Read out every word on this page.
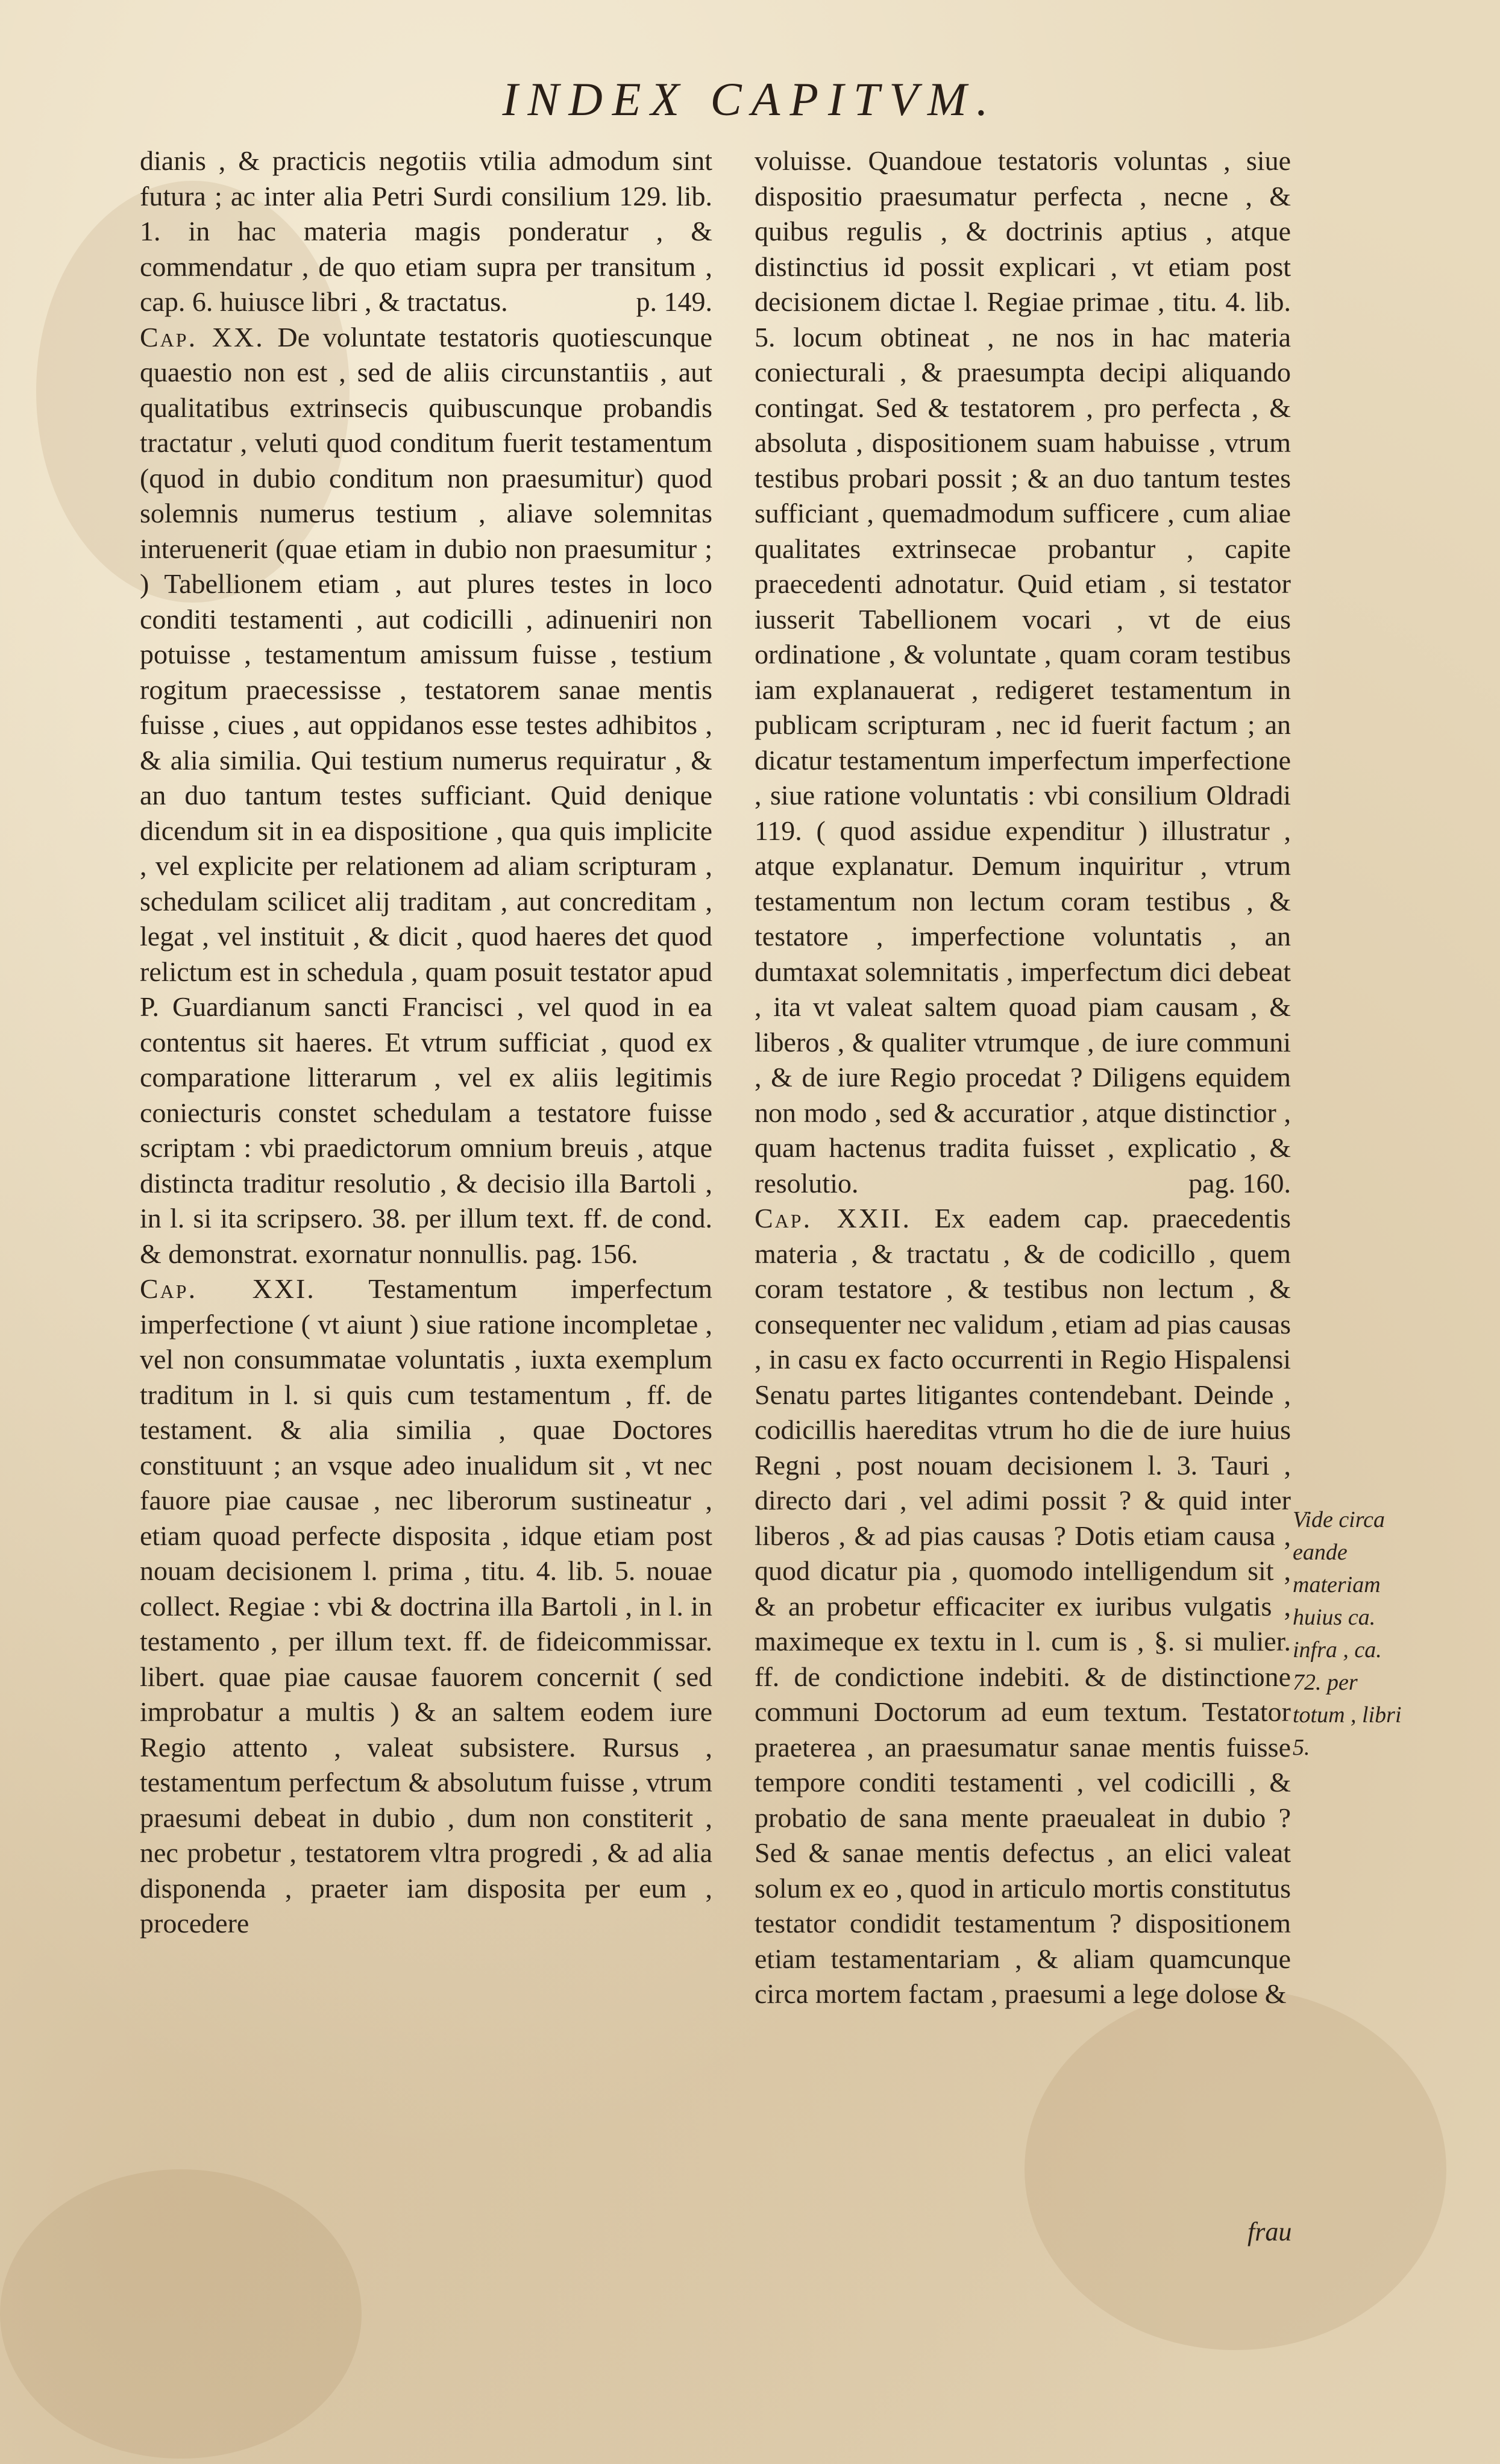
INDEX CAPITVM.

dianis , & practicis negotiis vtilia admodum sint futura ; ac inter alia Petri Surdi consilium 129. lib. 1. in hac materia magis ponderatur , & commendatur , de quo etiam supra per transitum , cap. 6. huiusce libri , & tractatus.	p. 149.

Cap. XX. De voluntate testatoris quotiescunque quaestio non est , sed de aliis circunstantiis , aut qualitatibus extrinsecis quibuscunque probandis tractatur , veluti quod conditum fuerit testamentum (quod in dubio conditum non praesumitur) quod solemnis numerus testium , aliave solemnitas interuenerit (quae etiam in dubio non praesumitur ; ) Tabellionem etiam , aut plures testes in loco conditi testamenti , aut codicilli , adinueniri non potuisse , testamentum amissum fuisse , testium rogitum praecessisse , testatorem sanae mentis fuisse , ciues , aut oppidanos esse testes adhibitos , & alia similia. Qui testium numerus requiratur , & an duo tantum testes sufficiant. Quid denique dicendum sit in ea dispositione , qua quis implicite , vel explicite per relationem ad aliam scripturam , schedulam scilicet alij traditam , aut concreditam , legat , vel instituit , & dicit , quod haeres det quod relictum est in schedula , quam posuit testator apud P. Guardianum sancti Francisci , vel quod in ea contentus sit haeres. Et vtrum sufficiat , quod ex comparatione litterarum , vel ex aliis legitimis coniecturis constet schedulam a testatore fuisse scriptam : vbi praedictorum omnium breuis , atque distincta traditur resolutio , & decisio illa Bartoli , in l. si ita scripsero. 38. per illum text. ff. de cond. & demonstrat. exornatur nonnullis. pag. 156.

Cap. XXI. Testamentum imperfectum imperfectione ( vt aiunt ) siue ratione incompletae , vel non consummatae voluntatis , iuxta exemplum traditum in l. si quis cum testamentum , ff. de testament. & alia similia , quae Doctores constituunt ; an vsque adeo inualidum sit , vt nec fauore piae causae , nec liberorum sustineatur , etiam quoad perfecte disposita , idque etiam post nouam decisionem l. prima , titu. 4. lib. 5. nouae collect. Regiae : vbi & doctrina illa Bartoli , in l. in testamento , per illum text. ff. de fideicommissar. libert. quae piae causae fauorem concernit ( sed improbatur a multis ) & an saltem eodem iure Regio attento , valeat subsistere. Rursus , testamentum perfectum & absolutum fuisse , vtrum praesumi debeat in dubio , dum non constiterit , nec probetur , testatorem vltra progredi , & ad alia disponenda , praeter iam disposita per eum , procedere

voluisse. Quandoue testatoris voluntas , siue dispositio praesumatur perfecta , necne , & quibus regulis , & doctrinis aptius , atque distinctius id possit explicari , vt etiam post decisionem dictae l. Regiae primae , titu. 4. lib. 5. locum obtineat , ne nos in hac materia coniecturali , & praesumpta decipi aliquando contingat. Sed & testatorem , pro perfecta , & absoluta , dispositionem suam habuisse , vtrum testibus probari possit ; & an duo tantum testes sufficiant , quemadmodum sufficere , cum aliae qualitates extrinsecae probantur , capite praecedenti adnotatur. Quid etiam , si testator iusserit Tabellionem vocari , vt de eius ordinatione , & voluntate , quam coram testibus iam explanauerat , redigeret testamentum in publicam scripturam , nec id fuerit factum ; an dicatur testamentum imperfectum imperfectione , siue ratione voluntatis : vbi consilium Oldradi 119. ( quod assidue expenditur ) illustratur , atque explanatur. Demum inquiritur , vtrum testamentum non lectum coram testibus , & testatore , imperfectione voluntatis , an dumtaxat solemnitatis , imperfectum dici debeat , ita vt valeat saltem quoad piam causam , & liberos , & qualiter vtrumque , de iure communi , & de iure Regio procedat ? Diligens equidem non modo , sed & accuratior , atque distinctior , quam hactenus tradita fuisset , explicatio , & resolutio.	pag. 160.

Cap. XXII. Ex eadem cap. praecedentis materia , & tractatu , & de codicillo , quem coram testatore , & testibus non lectum , & consequenter nec validum , etiam ad pias causas , in casu ex facto occurrenti in Regio Hispalensi Senatu partes litigantes contendebant. Deinde , codicillis haereditas vtrum ho die de iure huius Regni , post nouam decisionem l. 3. Tauri , directo dari , vel adimi possit ? & quid inter liberos , & ad pias causas ? Dotis etiam causa , quod dicatur pia , quomodo intelligendum sit , & an probetur efficaciter ex iuribus vulgatis , maximeque ex textu in l. cum is , §. si mulier. ff. de condictione indebiti. & de distinctione communi Doctorum ad eum textum. Testator praeterea , an praesumatur sanae mentis fuisse tempore conditi testamenti , vel codicilli , & probatio de sana mente praeualeat in dubio ? Sed & sanae mentis defectus , an elici valeat solum ex eo , quod in articulo mortis constitutus testator condidit testamentum ? dispositionem etiam testamentariam , & aliam quamcunque circa mortem factam , praesumi a lege dolose &

Vide circa eande materiam huius ca. infra , ca. 72. per totum , libri 5.
frau
